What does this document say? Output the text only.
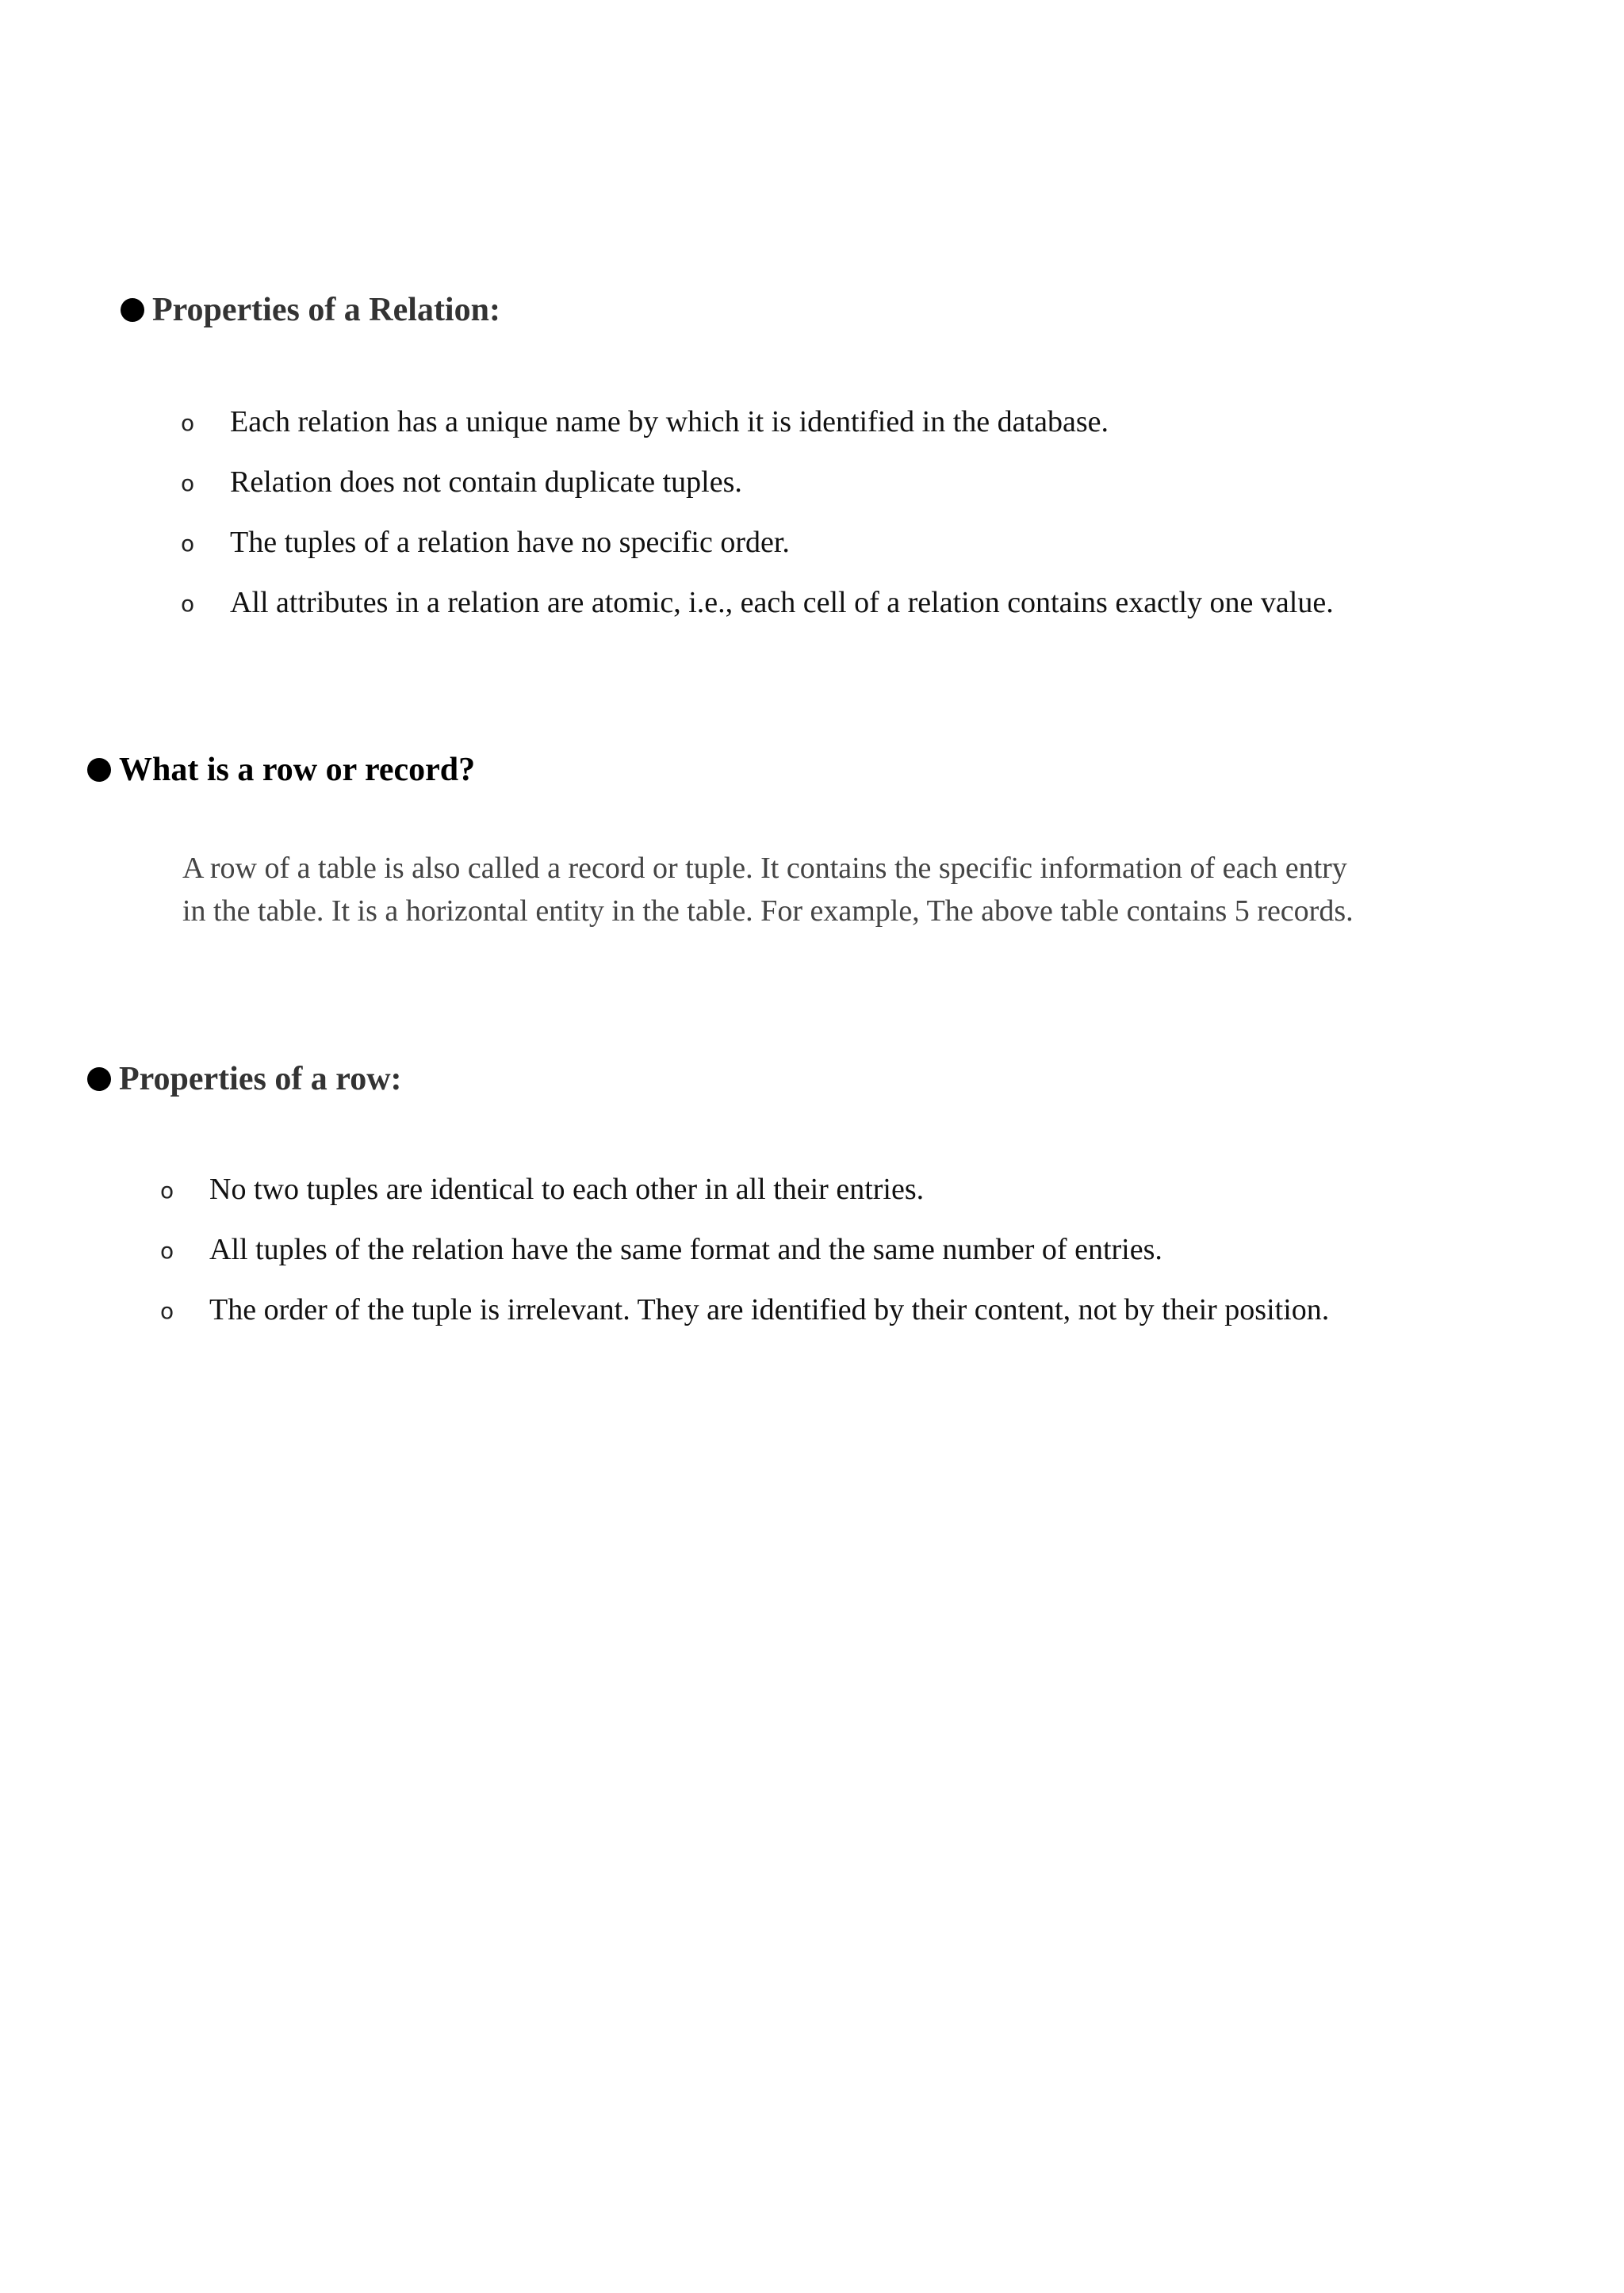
Properties of a Relation:
o Each relation has a unique name by which it is identified in the database.
o Relation does not contain duplicate tuples.
o The tuples of a relation have no specific order.
o All attributes in a relation are atomic, i.e., each cell of a relation contains exactly one value.
What is a row or record?

A row of a table is also called a record or tuple. It contains the specific information of each entry

in the table. It is a horizontal entity in the table. For example, The above table contains 5 records.

Properties of a row:
o No two tuples are identical to each other in all their entries.
o All tuples of the relation have the same format and the same number of entries.
o The order of the tuple is irrelevant. They are identified by their content, not by their position.
